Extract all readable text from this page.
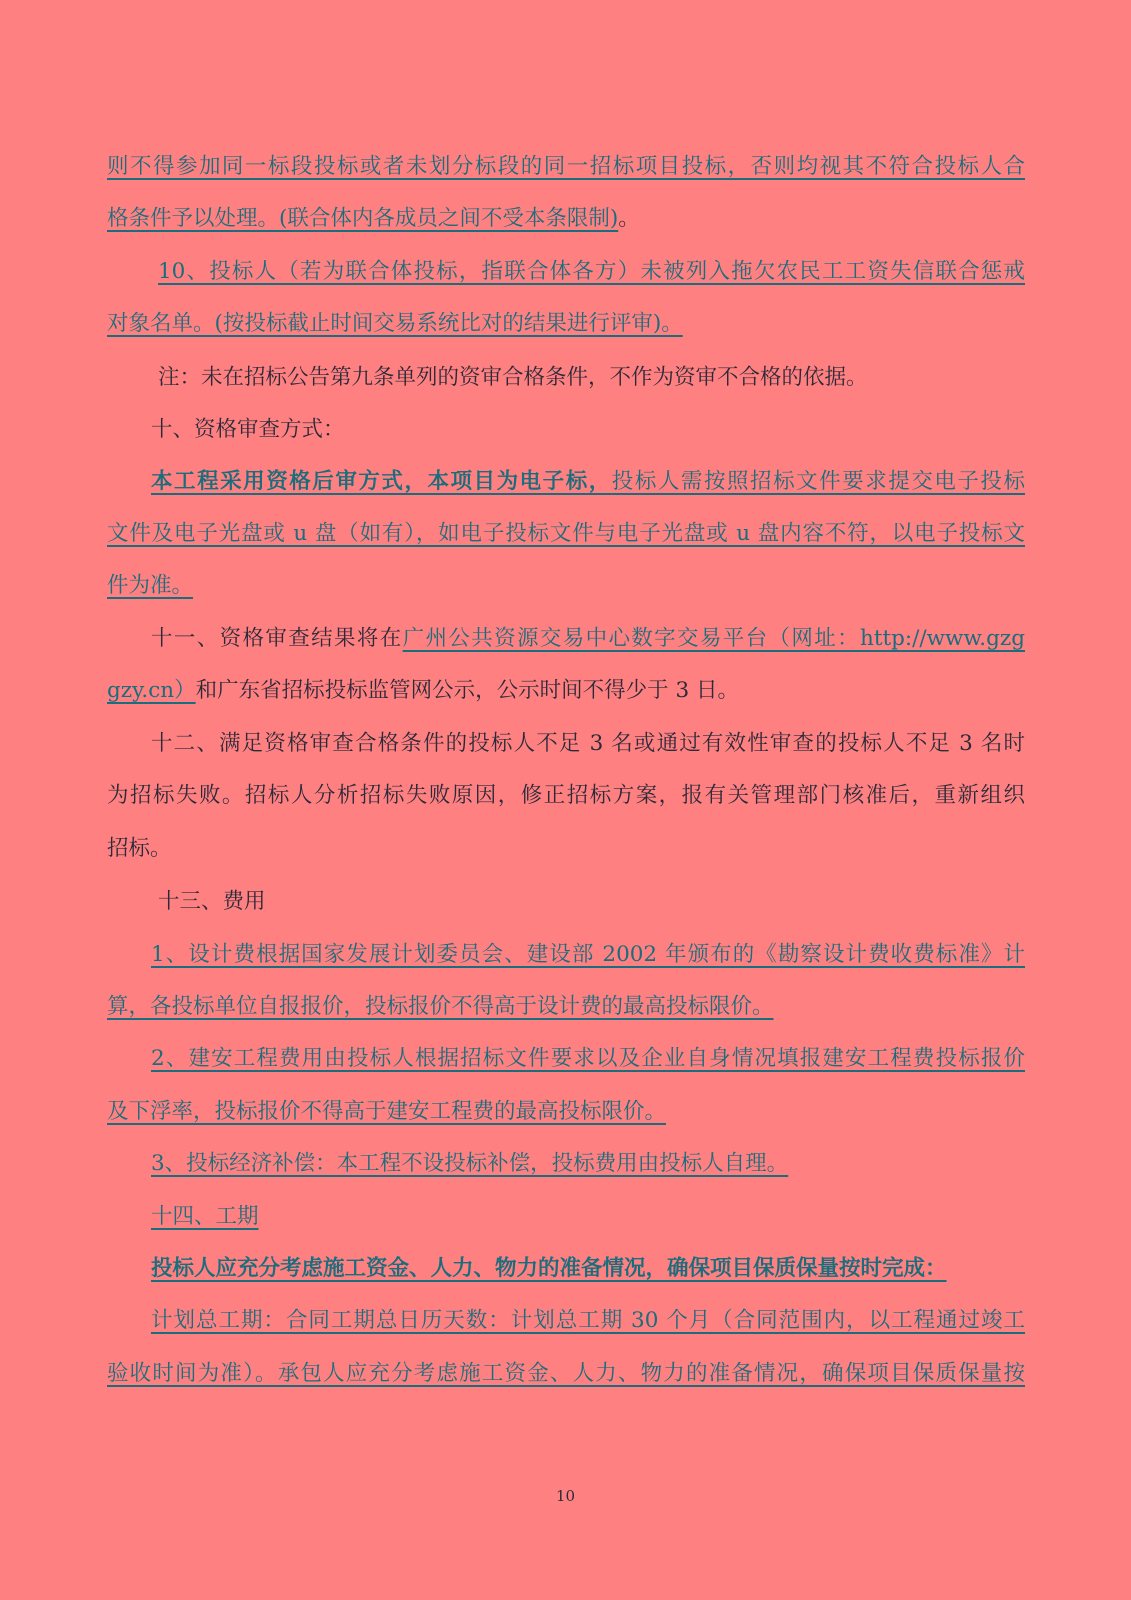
则不得参加同一标段投标或者未划分标段的同一招标项目投标，否则均视其不符合投标人合
格条件予以处理。(联合体内各成员之间不受本条限制)。
10、投标人（若为联合体投标，指联合体各方）未被列入拖欠农民工工资失信联合惩戒
对象名单。(按投标截止时间交易系统比对的结果进行评审)。
注：未在招标公告第九条单列的资审合格条件，不作为资审不合格的依据。
十、资格审查方式：
本工程采用资格后审方式，本项目为电子标，投标人需按照招标文件要求提交电子投标
文件及电子光盘或 u 盘（如有），如电子投标文件与电子光盘或 u 盘内容不符，以电子投标文
件为准。
十一、资格审查结果将在广州公共资源交易中心数字交易平台（网址：http://www.gzg
gzy.cn）和广东省招标投标监管网公示，公示时间不得少于 3 日。
十二、满足资格审查合格条件的投标人不足 3 名或通过有效性审查的投标人不足 3 名时
为招标失败。招标人分析招标失败原因，修正招标方案，报有关管理部门核准后，重新组织
招标。
十三、费用
1、设计费根据国家发展计划委员会、建设部 2002 年颁布的《勘察设计费收费标准》计
算，各投标单位自报报价，投标报价不得高于设计费的最高投标限价。
2、建安工程费用由投标人根据招标文件要求以及企业自身情况填报建安工程费投标报价
及下浮率，投标报价不得高于建安工程费的最高投标限价。
3、投标经济补偿：本工程不设投标补偿，投标费用由投标人自理。
十四、工期
投标人应充分考虑施工资金、人力、物力的准备情况，确保项目保质保量按时完成：
计划总工期：合同工期总日历天数：计划总工期 30 个月（合同范围内，以工程通过竣工
验收时间为准）。承包人应充分考虑施工资金、人力、物力的准备情况，确保项目保质保量按
10
